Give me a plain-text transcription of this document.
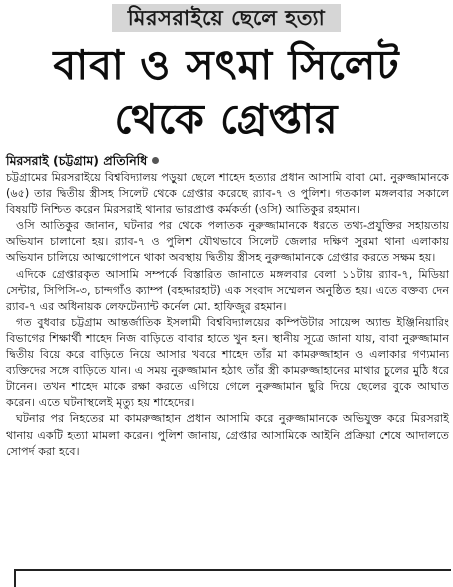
মিরসরাইয়ে ছেলে হত্যা
বাবা ও সৎমা সিলেট
থেকে গ্রেপ্তার
মিরসরাই (চট্টগ্রাম) প্রতিনিধি

চট্টগ্রামের মিরসরাইয়ে বিশ্ববিদ্যালয় পড়ুয়া ছেলে শাহেদ হত্যার প্রধান আসামি বাবা মো. নুরুজ্জামানকে (৬৫) তার দ্বিতীয় স্ত্রীসহ সিলেট থেকে গ্রেপ্তার করেছে র‍্যাব-৭ ও পুলিশ। গতকাল মঙ্গলবার সকালে বিষয়টি নিশ্চিত করেন মিরসরাই থানার ভারপ্রাপ্ত কর্মকর্তা (ওসি) আতিকুর রহমান।

ওসি আতিকুর জানান, ঘটনার পর থেকে পলাতক নুরুজ্জামানকে ধরতে তথ্য-প্রযুক্তির সহায়তায় অভিযান চালানো হয়। র‍্যাব-৭ ও পুলিশ যৌথভাবে সিলেট জেলার দক্ষিণ সুরমা থানা এলাকায় অভিযান চালিয়ে আত্মগোপনে থাকা অবস্থায় দ্বিতীয় স্ত্রীসহ নুরুজ্জামানকে গ্রেপ্তার করতে সক্ষম হয়।

এদিকে গ্রেপ্তারকৃত আসামি সম্পর্কে বিস্তারিত জানাতে মঙ্গলবার বেলা ১১টায় র‍্যাব-৭, মিডিয়া সেন্টার, সিপিসি-৩, চান্দগাঁও ক্যাম্প (বহদ্দারহাট) এক সংবাদ সম্মেলন অনুষ্ঠিত হয়। এতে বক্তব্য দেন র‍্যাব-৭ এর অধিনায়ক লেফটেন্যান্ট কর্নেল মো. হাফিজুর রহমান।

গত বুধবার চট্টগ্রাম আন্তর্জাতিক ইসলামী বিশ্ববিদ্যালয়ের কম্পিউটার সায়েন্স অ্যান্ড ইঞ্জিনিয়ারিং বিভাগের শিক্ষার্থী শাহেদ নিজ বাড়িতে বাবার হাতে খুন হন। স্থানীয় সূত্রে জানা যায়, বাবা নুরুজ্জামান দ্বিতীয় বিয়ে করে বাড়িতে নিয়ে আসার খবরে শাহেদ তাঁর মা কামরুজ্জাহান ও এলাকার গণ্যমান্য ব্যক্তিদের সঙ্গে বাড়িতে যান। এ সময় নুরুজ্জামান হঠাৎ তাঁর স্ত্রী কামরুজ্জাহানের মাথার চুলের মুঠি ধরে টানেন। তখন শাহেদ মাকে রক্ষা করতে এগিয়ে গেলে নুরুজ্জামান ছুরি দিয়ে ছেলের বুকে আঘাত করেন। এতে ঘটনাস্থলেই মৃত্যু হয় শাহেদের।

ঘটনার পর নিহতের মা কামরুজ্জাহান প্রধান আসামি করে নুরুজ্জামানকে অভিযুক্ত করে মিরসরাই থানায় একটি হত্যা মামলা করেন। পুলিশ জানায়, গ্রেপ্তার আসামিকে আইনি প্রক্রিয়া শেষে আদালতে সোপর্দ করা হবে।
